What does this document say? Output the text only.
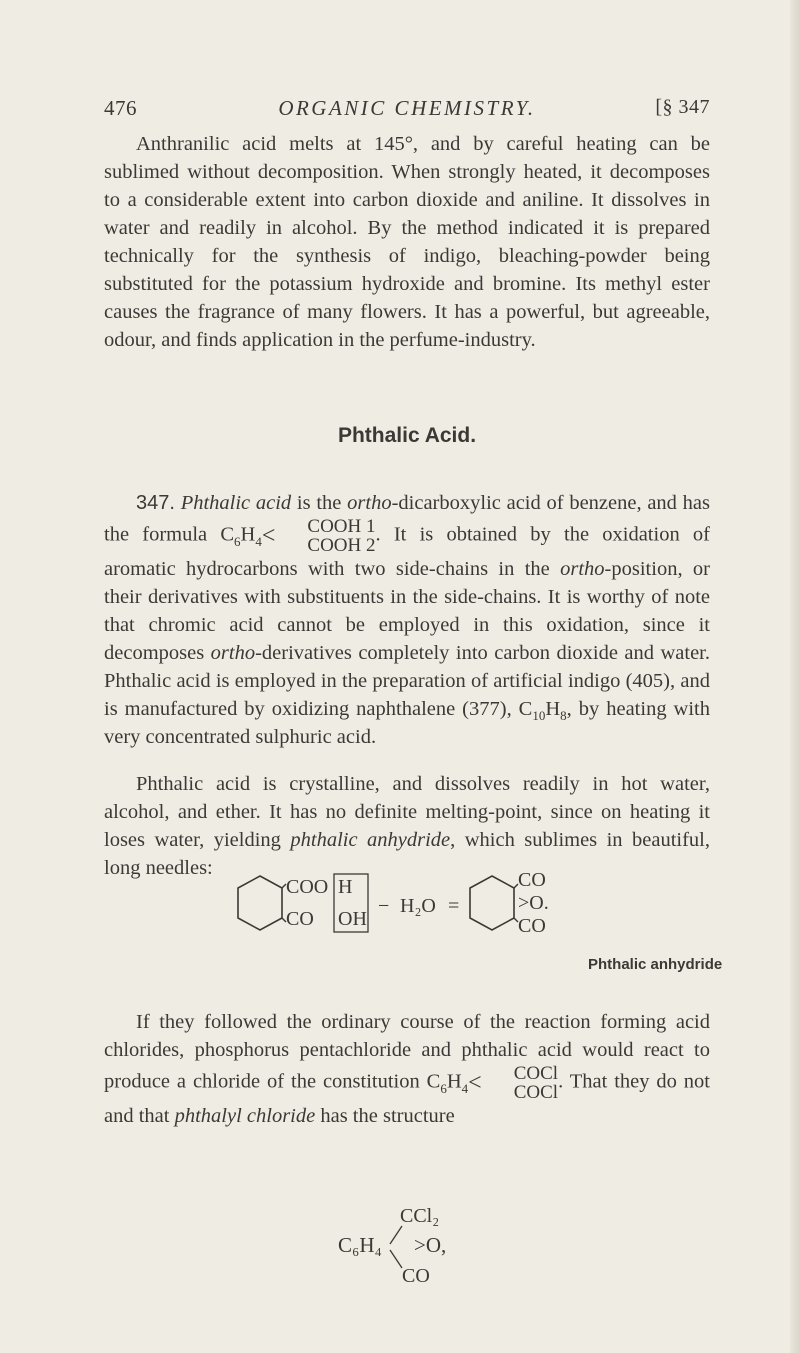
476	ORGANIC CHEMISTRY.	[§ 347
Anthranilic acid melts at 145°, and by careful heating can be sublimed without decomposition. When strongly heated, it decomposes to a considerable extent into carbon dioxide and aniline. It dissolves in water and readily in alcohol. By the method indicated it is prepared technically for the synthesis of indigo, bleaching-powder being substituted for the potassium hydroxide and bromine. Its methyl ester causes the fragrance of many flowers. It has a powerful, but agreeable, odour, and finds application in the perfume-industry.
Phthalic Acid.
347. Phthalic acid is the ortho-dicarboxylic acid of benzene, and has the formula $C_6H_4<$	COOH 1
COOH 2 . It is obtained by the oxidation of aromatic hydrocarbons with two side-chains in the ortho-position, or their derivatives with substituents in the side-chains. It is worthy of note that chromic acid cannot be employed in this oxidation, since it decomposes ortho-derivatives completely into carbon dioxide and water. Phthalic acid is employed in the preparation of artificial indigo (405), and is manufactured by oxidizing naphthalene (377), $C_{10}H_8$, by heating with very concentrated sulphuric acid.
COO H
CO OH
− H₂O =
CO
>O.
CO
Phthalic anhydride
If they followed the ordinary course of the reaction forming acid chlorides, phosphorus pentachloride and phthalic acid would react to produce a chloride of the constitution $C_6H_4<$	COCl
COCl . That they do not and that phthalyl chloride has the structure
C₆H₄
CCl₂
>O,
CO
Phthalic acid is crystalline, and dissolves readily in hot water, alcohol, and ether. It has no definite melting-point, since on heating it loses water, yielding phthalic anhydride, which sublimes in beautiful, long needles:
